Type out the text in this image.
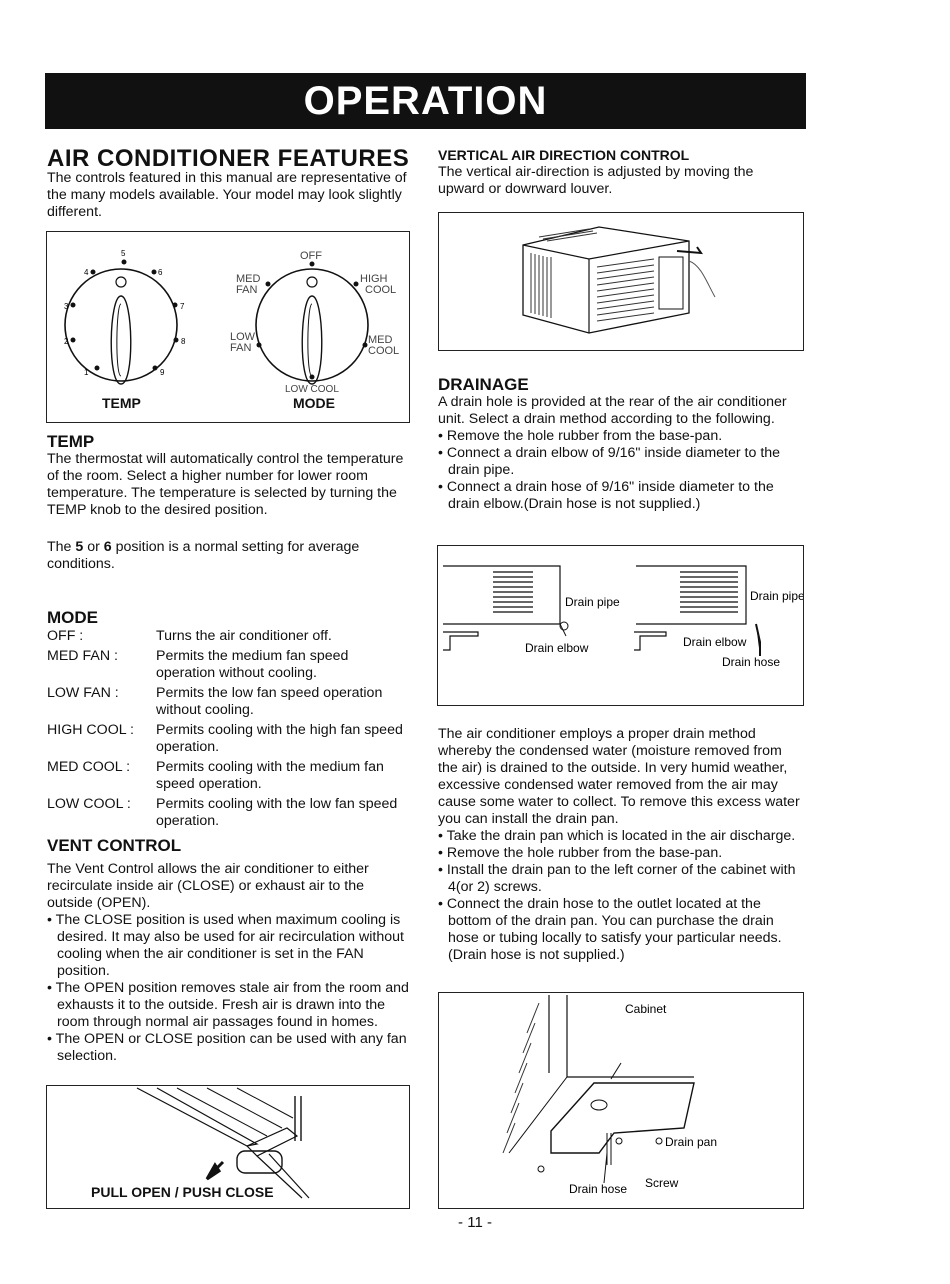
OPERATION
AIR CONDITIONER FEATURES
The controls featured in this manual are representative of the many models available. Your model may look slightly different.
1
2
3
4
5
6
7
8
9
OFF
MED
FAN
HIGH
COOL
LOW
FAN
MED
COOL
LOW COOL
TEMP	MODE
TEMP
The thermostat will automatically control the temperature of the room. Select a higher number for lower room temperature. The temperature is selected by turning the TEMP knob to the desired position.
The 5 or 6 position is a normal setting for average conditions.
MODE
OFF :	Turns the air conditioner off.
MED FAN :	Permits the medium fan speed operation without cooling.
LOW FAN :	Permits the low fan speed operation without cooling.
HIGH COOL :	Permits cooling with the high fan speed operation.
MED COOL :	Permits cooling with the medium fan speed operation.
LOW COOL :	Permits cooling with the low fan speed operation.
VENT CONTROL
The Vent Control allows the air conditioner to either recirculate inside air (CLOSE) or exhaust air to the outside (OPEN).
• The CLOSE position is used when maximum cooling is desired. It may also be used for air recirculation without cooling when the air conditioner is set in the FAN position.
• The OPEN position removes stale air from the room and exhausts it to the outside. Fresh air is drawn into the room through normal air passages found in homes.
• The OPEN or CLOSE position can be used with any fan selection.
PULL OPEN / PUSH CLOSE
VERTICAL AIR DIRECTION CONTROL
The vertical air-direction is adjusted by moving the upward or dowrward louver.
DRAINAGE
A drain hole is provided at the rear of the air conditioner unit. Select a drain method according to the following.
• Remove the hole rubber from the base-pan.
• Connect a drain elbow of 9/16" inside diameter to the drain pipe.
• Connect a drain hose of 9/16" inside diameter to the drain elbow.(Drain hose is not supplied.)
Drain pipe
Drain elbow
Drain pipe
Drain elbow
Drain hose
The air conditioner employs a proper drain method whereby the condensed water (moisture removed from the air) is drained to the outside. In very humid weather, excessive condensed water removed from the air may cause some water to collect. To remove this excess water you can install the drain pan.
• Take the drain pan which is located in the air discharge.
• Remove the hole rubber from the base-pan.
• Install the drain pan to the left corner of the cabinet with 4(or 2) screws.
• Connect the drain hose to the outlet located at the bottom of the drain pan. You can purchase the drain hose or tubing locally to satisfy your particular needs. (Drain hose is not supplied.)
Cabinet
Drain pan
Screw
Drain hose
- 11 -
